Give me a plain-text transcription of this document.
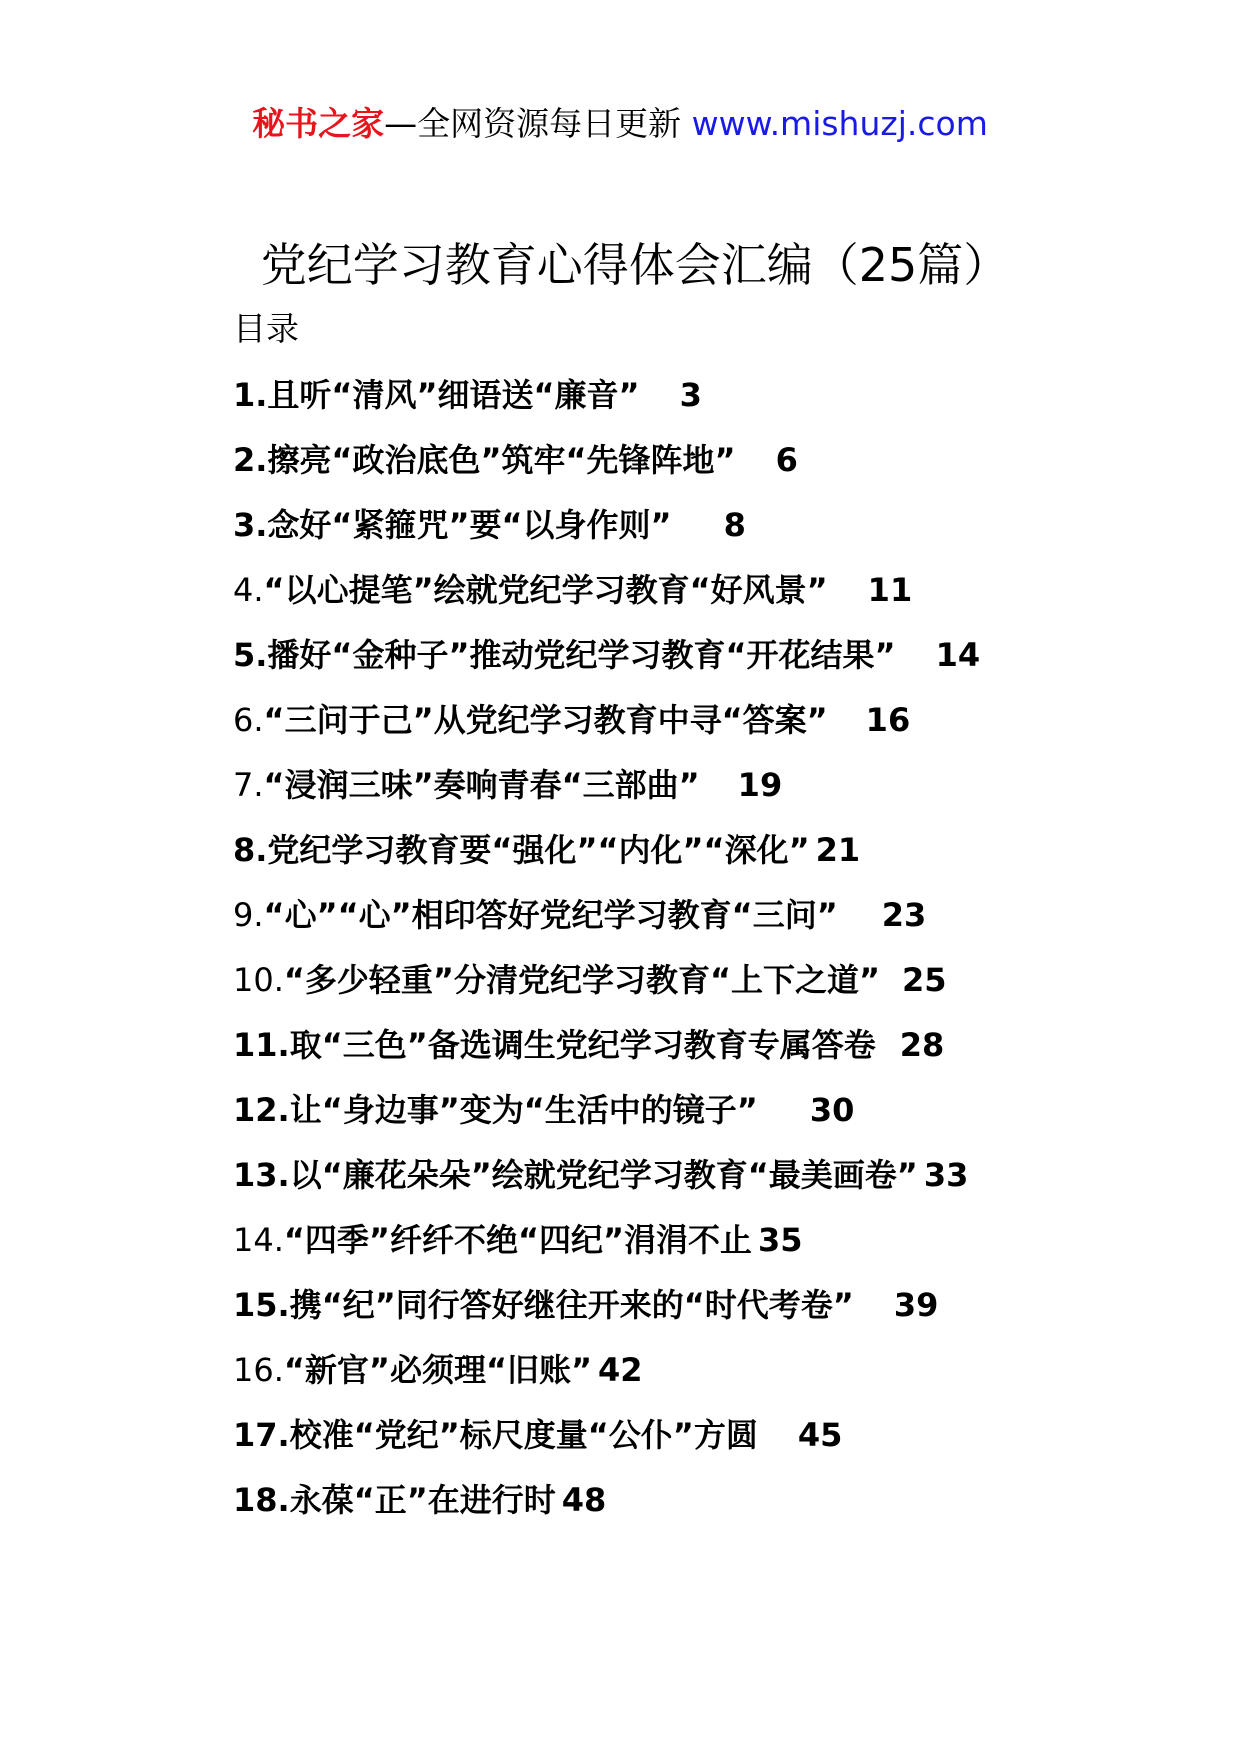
秘书之家—全网资源每日更新 www.mishuzj.com
党纪学习教育心得体会汇编（25篇）
目录
1.且听“清风”细语送“廉音” 3
2.擦亮“政治底色”筑牢“先锋阵地” 6
3.念好“紧箍咒”要“以身作则” 8
4.“以心提笔”绘就党纪学习教育“好风景” 11
5.播好“金种子”推动党纪学习教育“开花结果” 14
6.“三问于己”从党纪学习教育中寻“答案” 16
7.“浸润三味”奏响青春“三部曲” 19
8.党纪学习教育要“强化”“内化”“深化” 21
9.“心”“心”相印答好党纪学习教育“三问” 23
10.“多少轻重”分清党纪学习教育“上下之道” 25
11.取“三色”备选调生党纪学习教育专属答卷 28
12.让“身边事”变为“生活中的镜子” 30
13.以“廉花朵朵”绘就党纪学习教育“最美画卷” 33
14.“四季”纤纤不绝“四纪”涓涓不止 35
15.携“纪”同行答好继往开来的“时代考卷” 39
16.“新官”必须理“旧账” 42
17.校准“党纪”标尺度量“公仆”方圆 45
18.永葆“正”在进行时 48
